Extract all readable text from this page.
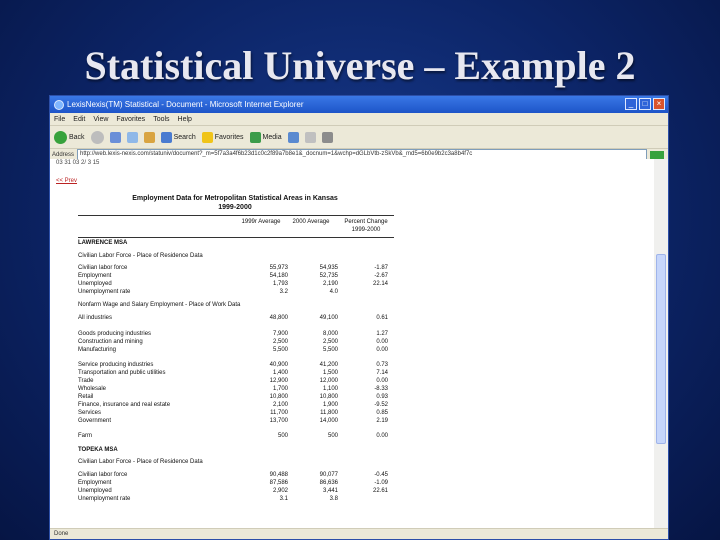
Statistical Universe – Example 2
LexisNexis(TM) Statistical - Document - Microsoft Internet Explorer	_	□	×
File Edit View Favorites Tools Help
Back	Search	Favorites	Media
Address	http://web.lexis-nexis.com/statuniv/document?_m=5f7a3a4f6b23d1c0c2f89a7b8e1&_docnum=1&wchp=dGLbVtb-zSkVb&_md5=6b0e9b2c3a8b4f7c
03 31 03 2/ 3 15
<< Prev
Employment Data for Metropolitan Statistical Areas in Kansas
1999-2000
1999r Average	2000 Average	Percent Change 1999-2000
LAWRENCE MSA
Civilian Labor Force - Place of Residence Data
Civilian labor force	55,973	54,935	-1.87
Employment	54,180	52,735	-2.67
Unemployed	1,793	2,190	22.14
Unemployment rate	3.2	4.0
Nonfarm Wage and Salary Employment - Place of Work Data
All industries	48,800	49,100	0.61
Goods producing industries	7,900	8,000	1.27
Construction and mining	2,500	2,500	0.00
Manufacturing	5,500	5,500	0.00
Service producing industries	40,900	41,200	0.73
Transportation and public utilities	1,400	1,500	7.14
Trade	12,900	12,000	0.00
Wholesale	1,700	1,100	-8.33
Retail	10,800	10,800	0.93
Finance, insurance and real estate	2,100	1,900	-9.52
Services	11,700	11,800	0.85
Government	13,700	14,000	2.19
Farm	500	500	0.00
TOPEKA MSA
Civilian Labor Force - Place of Residence Data
Civilian labor force	90,488	90,077	-0.45
Employment	87,586	86,636	-1.09
Unemployed	2,902	3,441	22.61
Unemployment rate	3.1	3.8
Done
